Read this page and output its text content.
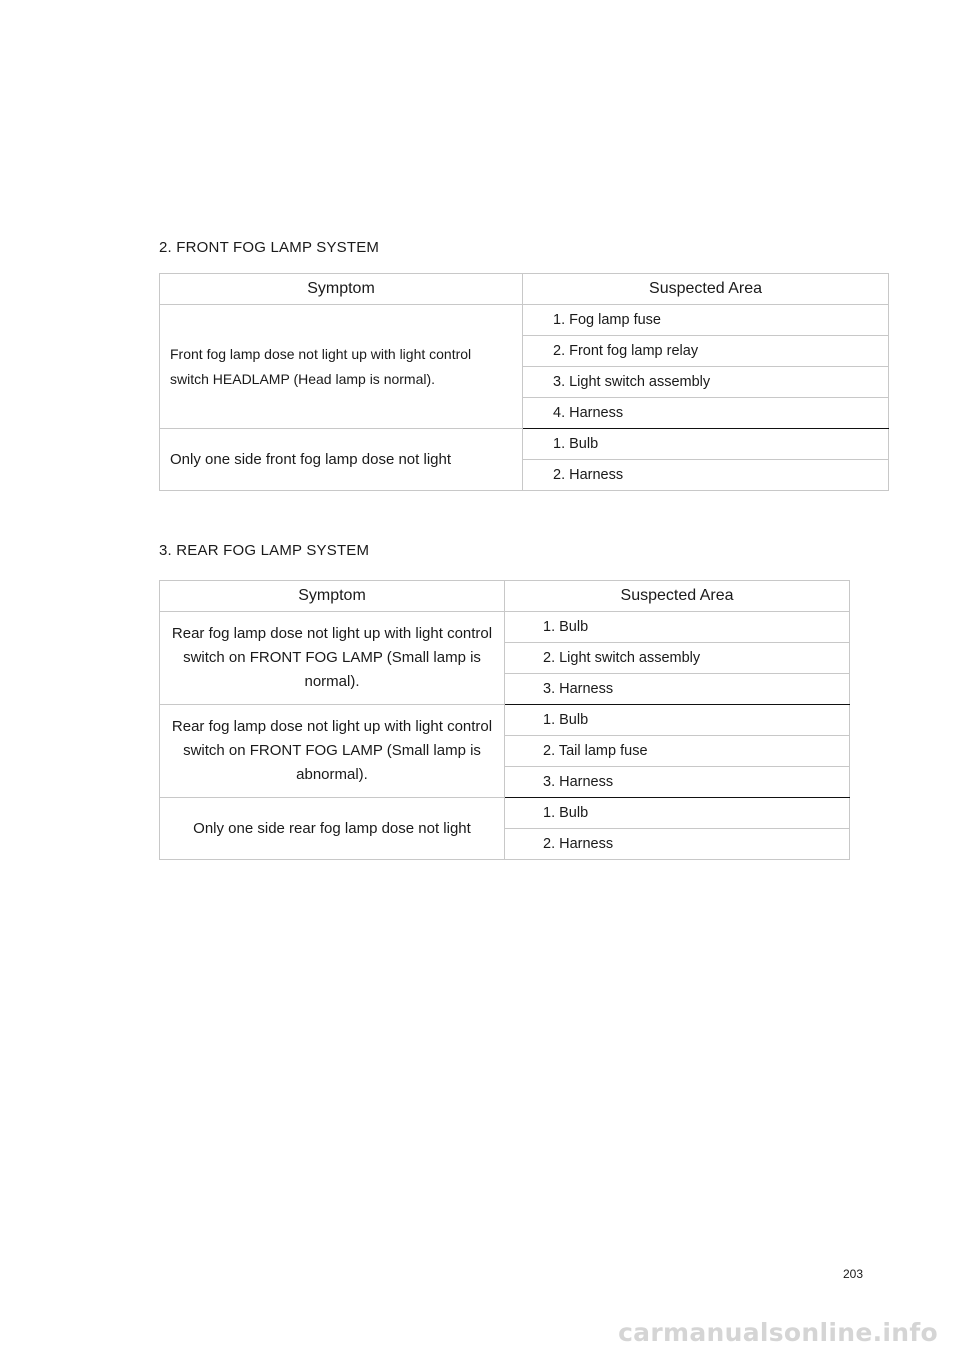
2. FRONT FOG LAMP SYSTEM
Symptom	Suspected Area
Front fog lamp dose not light up with light control switch HEADLAMP (Head lamp is normal).	1. Fog lamp fuse
	2. Front fog lamp relay
	3. Light switch assembly
	4. Harness
Only one side front fog lamp dose not light	1. Bulb
	2. Harness
3. REAR FOG LAMP SYSTEM
Symptom	Suspected Area
Rear fog lamp dose not light up with light control switch on FRONT FOG LAMP (Small lamp is normal).	1. Bulb
	2. Light switch assembly
	3. Harness
Rear fog lamp dose not light up with light control switch on FRONT FOG LAMP (Small lamp is abnormal).	1. Bulb
	2. Tail lamp fuse
	3. Harness
Only one side rear fog lamp dose not light	1. Bulb
	2. Harness
203
carmanualsonline.info
